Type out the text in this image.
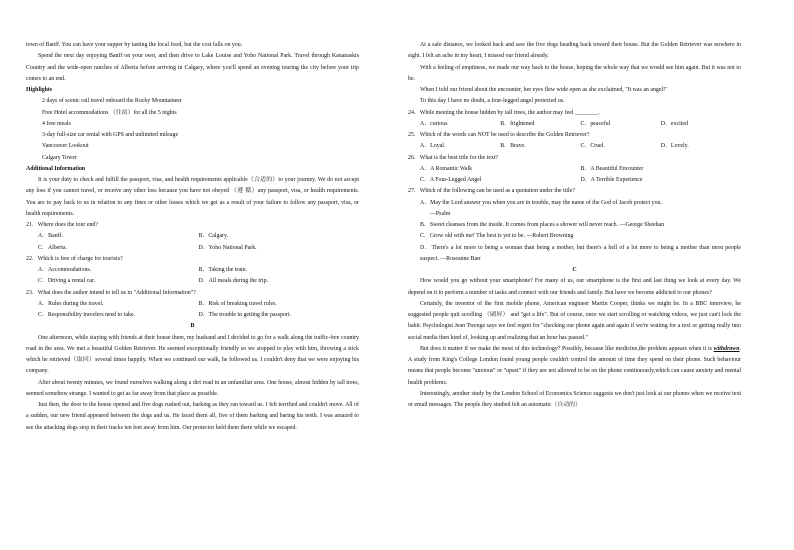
town of Banff. You can have your supper by tasting the local food, but the cost falls on you.

Spend the next day enjoying Banff on your own, and then drive to Lake Louise and Yoho National Park. Travel through Kananaskis Country and the wide-open ranches of Alberta before arriving in Calgary, where you'll spend an evening touring the city before your trip comes to an end.

Highlights

2 days of scenic rail travel onboard the Rocky Mountaineer

Free Hotel accommodations （住宿）for all the 5 nights

4 free meals

3-day full-size car rental with GPS and unlimited mileage

Vancouver Lookout

Calgary Tower

Additional Information

It is your duty to check and fulfill the passport, visa, and health requirements applicable（合适的）to your journey. We do not accept any loss if you cannot travel, or receive any other loss because you have not obeyed （遵 循）any passport, visa, or health requirements. You are to pay back to us in relation to any fines or other losses which we get as a result of your failure to follow any passport, visa, or health requirements.

21．Where does the tour end?

A．Banff.	B．Calgary.
C．Alberta.	D．Yoho National Park.

22．Which is free of charge for tourists?

A．Accommodations.	B．Taking the train.
C．Driving a rental car.	D．All meals during the trip.

23．What does the author intend to tell us in "Additional Information"?

A．Rules during the travel.	B．Risk of breaking travel rules.
C．Responsibility travelers need to take.	D．The trouble in getting the passport.

B

One afternoon, while staying with friends at their house there, my husband and I decided to go for a walk along the traffic-free country road in the area. We met a beautiful Golden Retriever. He seemed exceptionally friendly so we stopped to play with him, throwing a stick which he retrieved（取回）several times happily. When we continued our walk, he followed us. I couldn't deny that we were enjoying his company.

After about twenty minutes, we found ourselves walking along a dirt road in an unfamiliar area. One house, almost hidden by tall trees, seemed somehow strange. I wanted to get as far away from that place as possible.

Just then, the door to the house opened and five dogs rushed out, barking as they ran toward us. I felt terrified and couldn't move. All of a sudden, our new friend appeared between the dogs and us. He faced them all, five of them barking and baring his teeth. I was amazed to see the attacking dogs stop in their tracks ten feet away from him. Our protector held them there while we escaped.

At a safe distance, we looked back and saw the five dogs heading back toward their house. But the Golden Retriever was nowhere in sight. I felt an ache in my heart, I missed our friend already.

With a feeling of emptiness, we made our way back to the house, hoping the whole way that we would see him again. But it was not to be.

When I told our friend about the encounter, her eyes flew wide open as she exclaimed, "It was an angel!"

To this day I have no doubt, a four-legged angel protected us.

24．While meeting the house hidden by tall trees, the author may feel ________.

A．curious	B．frightened	C．peaceful	D．excited

25．Which of the words can NOT be used to describe the Golden Retriever?

A．Loyal.	B．Brave.	C．Cruel.	D．Lovely.

26．What is the best title for the text?

A．A Romantic Walk	B．A Beautiful Encounter
C．A Four-Legged Angel	D．A Terrible Experience

27．Which of the following can be used as a quotation under the title?

A．May the Lord answer you when you are in trouble, may the name of the God of Jacob protect you.

—Psalm

B．Sweet cleanses from the inside. It comes from places a shower will never reach. —George Sheehan

C．Grow old with me! The best is yet to be. —Robert Browning

D．There's a lot more to being a woman than being a mother, but there's a hell of a lot more to being a mother than most people suspect. —Roseanne Barr

C

How would you go without your smartphone? For many of us, our smartphone is the first and last thing we look at every day. We depend on it to perform a number of tasks and connect with our friends and family. But have we become addicted to our phones?

Certainly, the inventor of the first mobile phone, American engineer Martin Cooper, thinks we might be. In a BBC interview, he suggested people quit scrolling （刷屏） and "get a life". But of course, once we start scrolling or watching videos, we just can't lock the habit. Psychologist Jean Twenge says we feel regret for "checking our phone again and again if we're waiting for a text or getting really into social media then kind of, looking up and realizing that an hour has passed."

But does it matter if we make the most of this technology? Possibly, because like medicine,the problem appears when it is withdrawn. A study from King's College London found young people couldn't control the amount of time they spend on their phone. Such behaviour means that people become "anxious" or "upset" if they are not allowed to be on the phone continuously,which can cause anxiety and mental health problems.

Interestingly, another study by the London School of Economics Science suggests we don't just look at our phones when we receive text or email messages. The people they studied felt an automatic（自动的）
